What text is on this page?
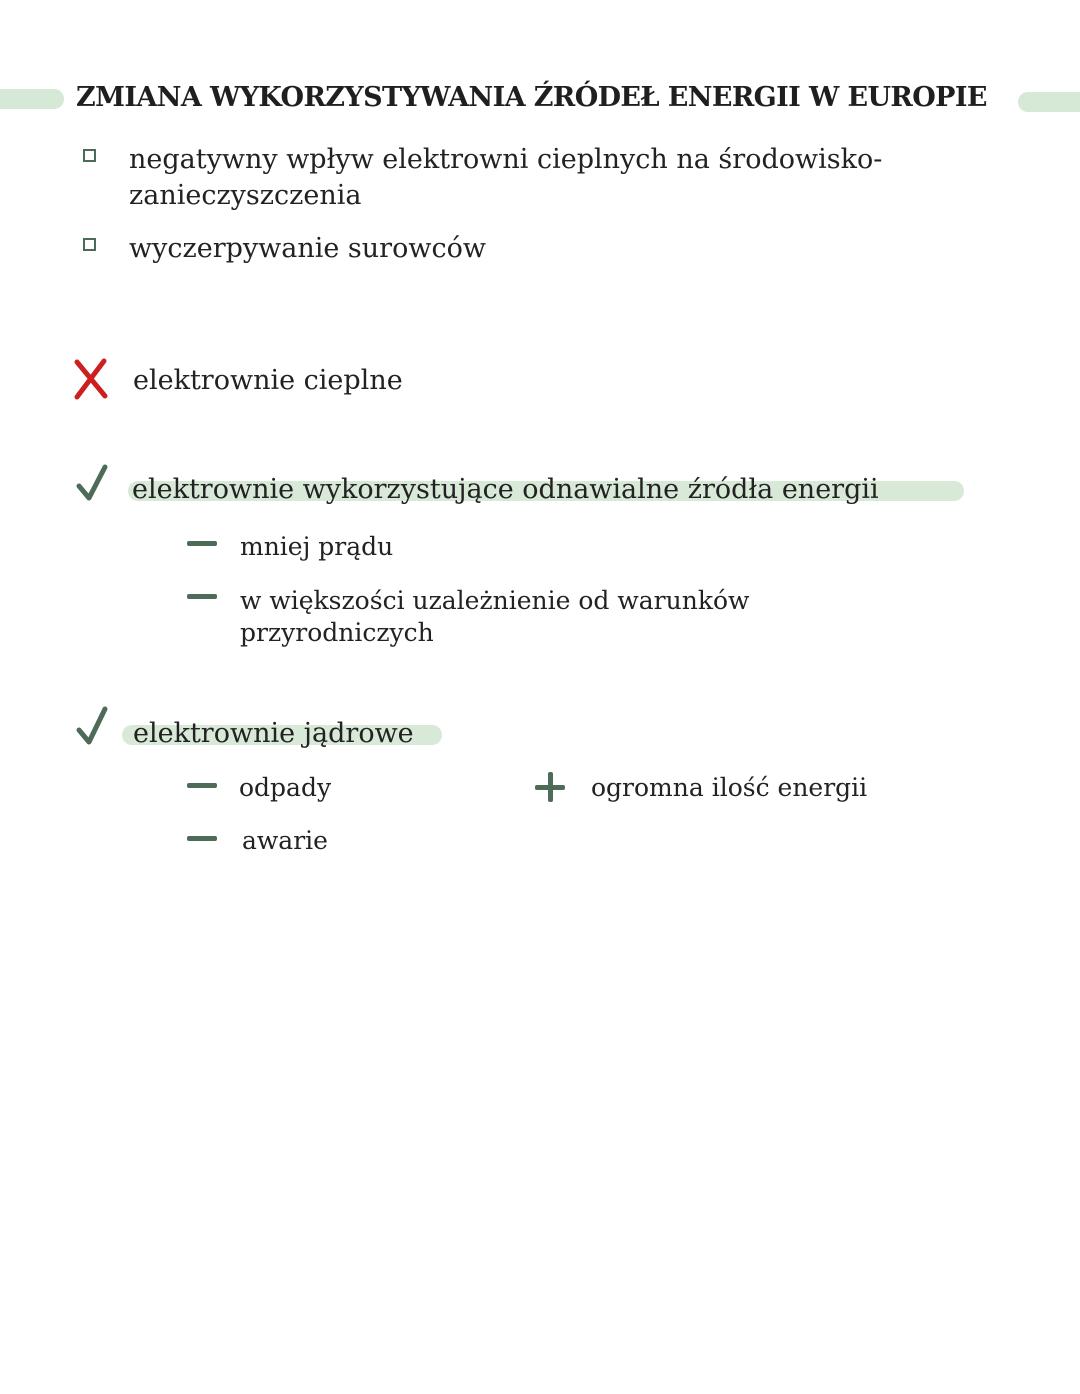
ZMIANA WYKORZYSTYWANIA ŹRÓDEŁ ENERGII W EUROPIE
negatywny wpływ elektrowni cieplnych na środowisko-
zanieczyszczenia
wyczerpywanie surowców
elektrownie cieplne
elektrownie wykorzystujące odnawialne źródła energii
mniej prądu
w większości uzależnienie od warunków
przyrodniczych
elektrownie jądrowe
odpady
awarie
ogromna ilość energii
